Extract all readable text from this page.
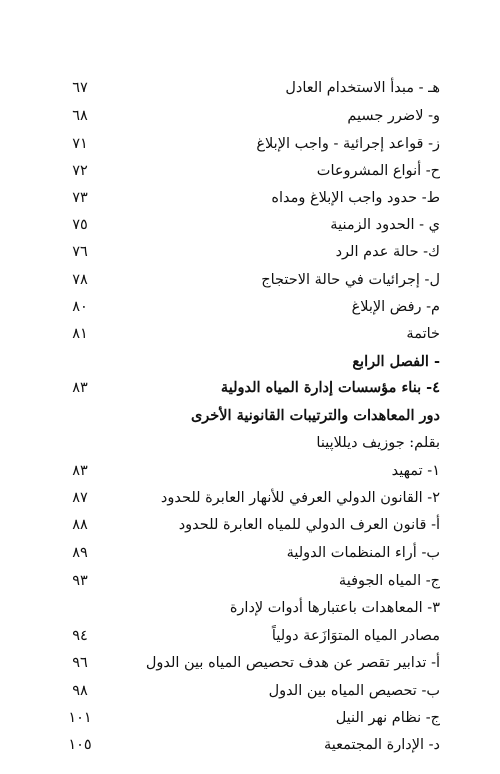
هـ - مبدأ الاستخدام العادل
٦٧
و- لاضرر جسيم
٦٨
ز- قواعد إجرائية - واجب الإبلاغ
٧١
ح- أنواع المشروعات
٧٢
ط- حدود واجب الإبلاغ ومداه
٧٣
ي - الحدود الزمنية
٧٥
ك- حالة عدم الرد
٧٦
ل- إجرائيات في حالة الاحتجاج
٧٨
م- رفض الإبلاغ
٨٠
خاتمة
٨١
- الفصل الرابع
٤- بناء مؤسسات إدارة المياه الدولية
٨٣
دور المعاهدات والترتيبات القانونية الأخرى
بقلم: جوزيف ديللاپينا
١- تمهيد
٨٣
٢- القانون الدولي العرفي للأنهار العابرة للحدود
٨٧
أ- قانون العرف الدولي للمياه العابرة للحدود
٨٨
ب- أراء المنظمات الدولية
٨٩
ج- المياه الجوفية
٩٣
٣- المعاهدات باعتبارها أدوات لإدارة
مصادر المياه المتوَازَعة دولياً
٩٤
أ- تدابير تقصر عن هدف تحصيص المياه بين الدول
٩٦
ب- تحصيص المياه بين الدول
٩٨
ج- نظام نهر النيل
١٠١
د- الإدارة المجتمعية
١٠٥
